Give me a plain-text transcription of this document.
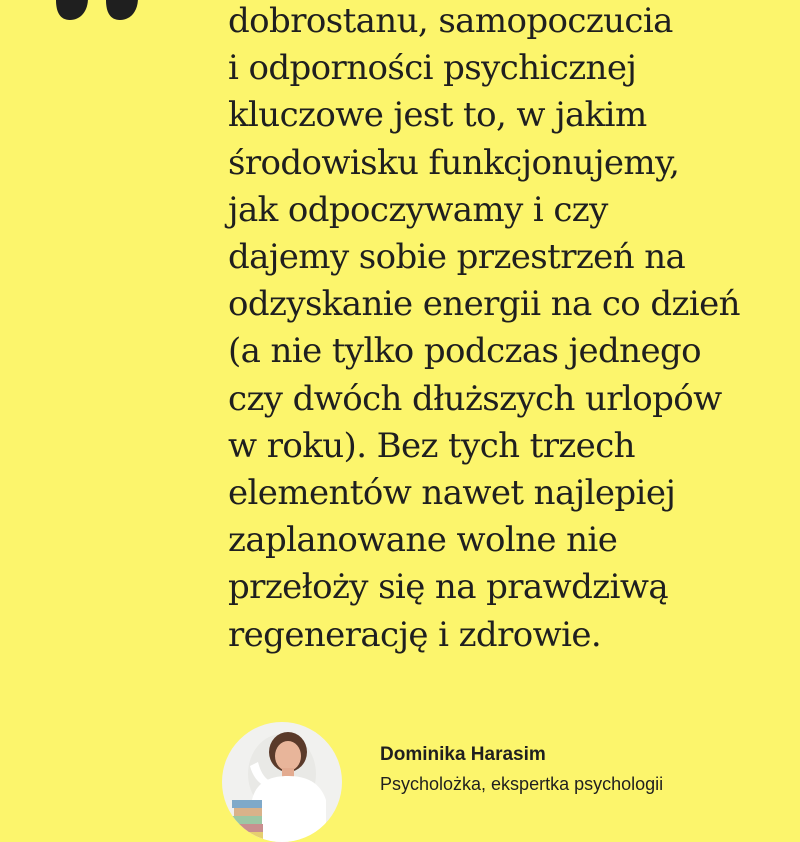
dobrostanu, samopoczucia
i odporności psychicznej
kluczowe jest to, w jakim
środowisku funkcjonujemy,
jak odpoczywamy i czy
dajemy sobie przestrzeń na
odzyskanie energii na co dzień
(a nie tylko podczas jednego
czy dwóch dłuższych urlopów
w roku). Bez tych trzech
elementów nawet najlepiej
zaplanowane wolne nie
przełoży się na prawdziwą
regenerację i zdrowie.

Dominika Harasim
Psycholożka, ekspertka psychologii
